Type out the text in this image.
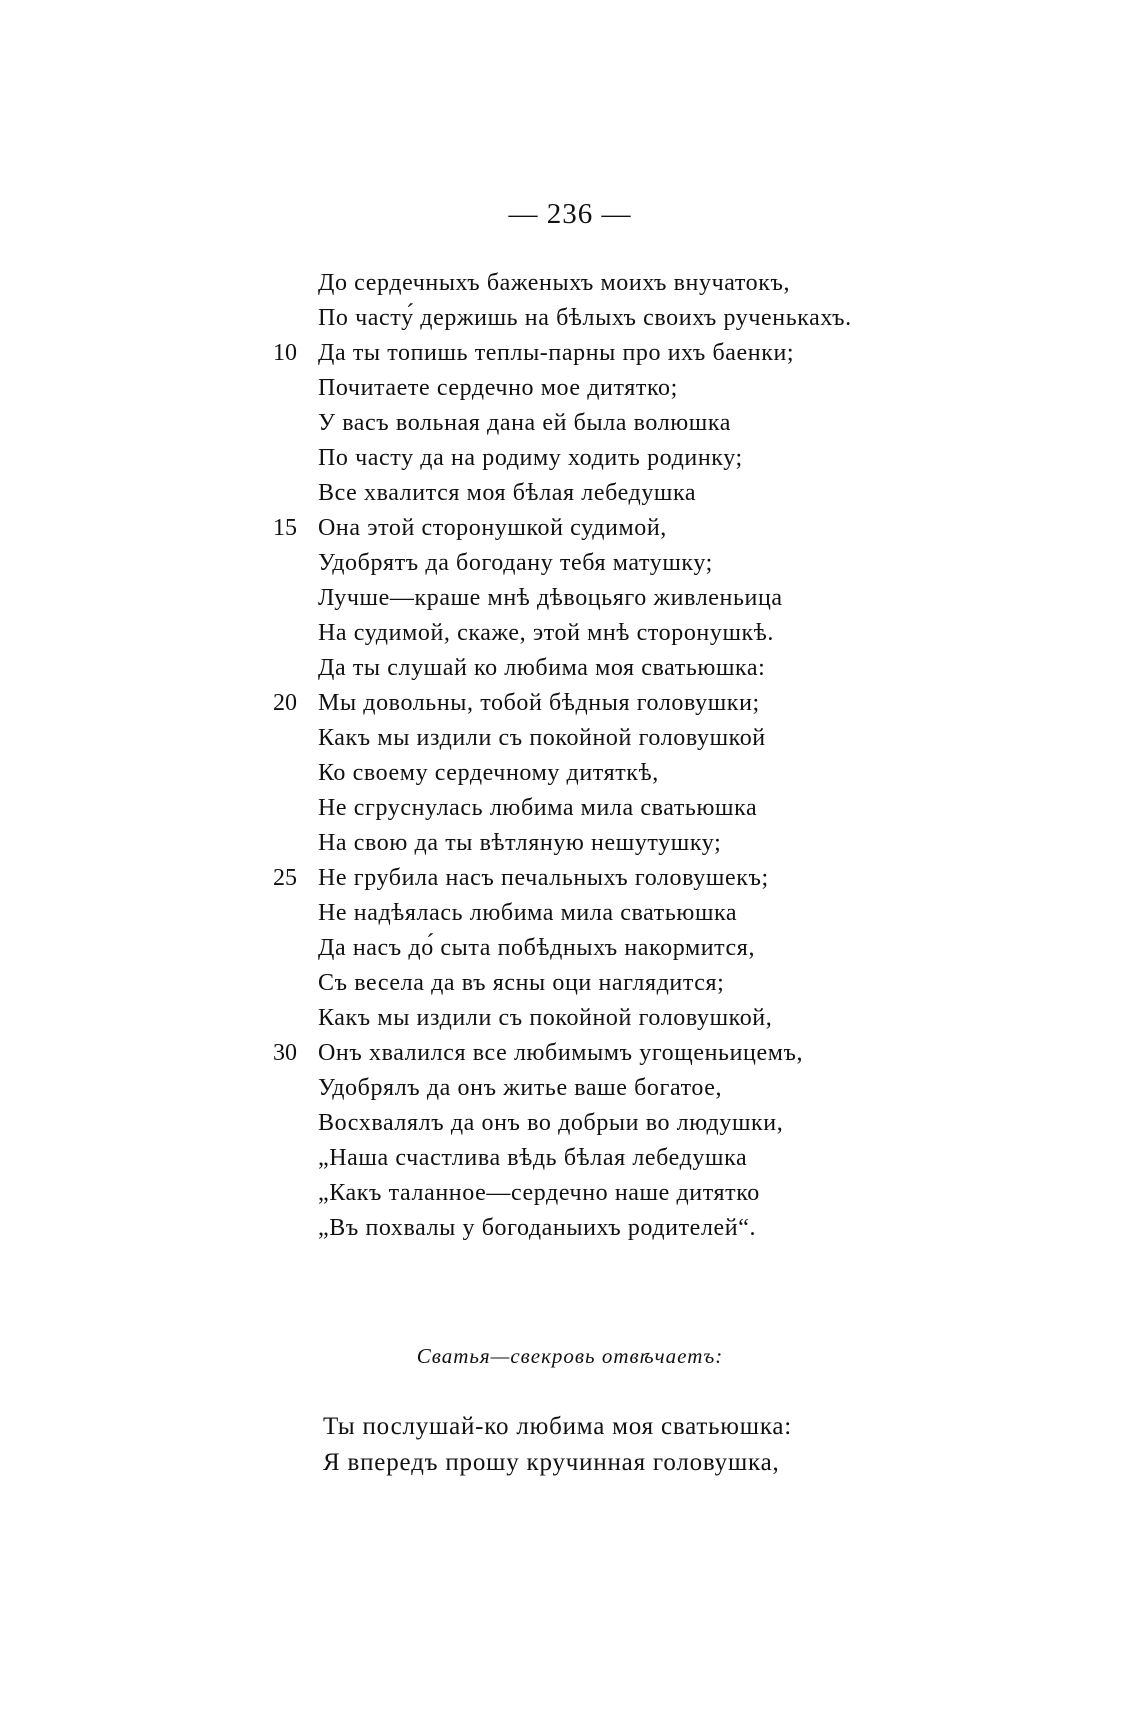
— 236 —
До сердечныхъ баженыхъ моихъ внучатокъ,
По часту́ держишь на бѣлыхъ своихъ рученькахъ.
10 Да ты топишь теплы-парны про ихъ баенки;
Почитаете сердечно мое дитятко;
У васъ вольная дана ей была волюшка
По часту да на родиму ходить родинку;
Все хвалится моя бѣлая лебедушка
15 Она этой сторонушкой судимой,
Удобрятъ да богодану тебя матушку;
Лучше—краше мнѣ дѣвоцьяго живленьица
На судимой, скаже, этой мнѣ сторонушкѣ.
Да ты слушай ко любима моя сватьюшка:
20 Мы довольны, тобой бѣдныя головушки;
Какъ мы издили съ покойной головушкой
Ко своему сердечному дитяткѣ,
Не сгруснулась любима мила сватьюшка
На свою да ты вѣтляную нешутушку;
25 Не грубила насъ печальныхъ головушекъ;
Не надѣялась любима мила сватьюшка
Да насъ до́ сыта побѣдныхъ накормится,
Съ весела да въ ясны оци наглядится;
Какъ мы издили съ покойной головушкой,
30 Онъ хвалился все любимымъ угощеньицемъ,
Удобрялъ да онъ житье ваше богатое,
Восхвалялъ да онъ во добрыи во людушки,
„Наша счастлива вѣдь бѣлая лебедушка
„Какъ таланное—сердечно наше дитятко
„Въ похвалы у богоданыихъ родителей“.
Сватья—свекровь отвѣчаетъ:
Ты послушай-ко любима моя сватьюшка:
Я впередъ прошу кручинная головушка,
